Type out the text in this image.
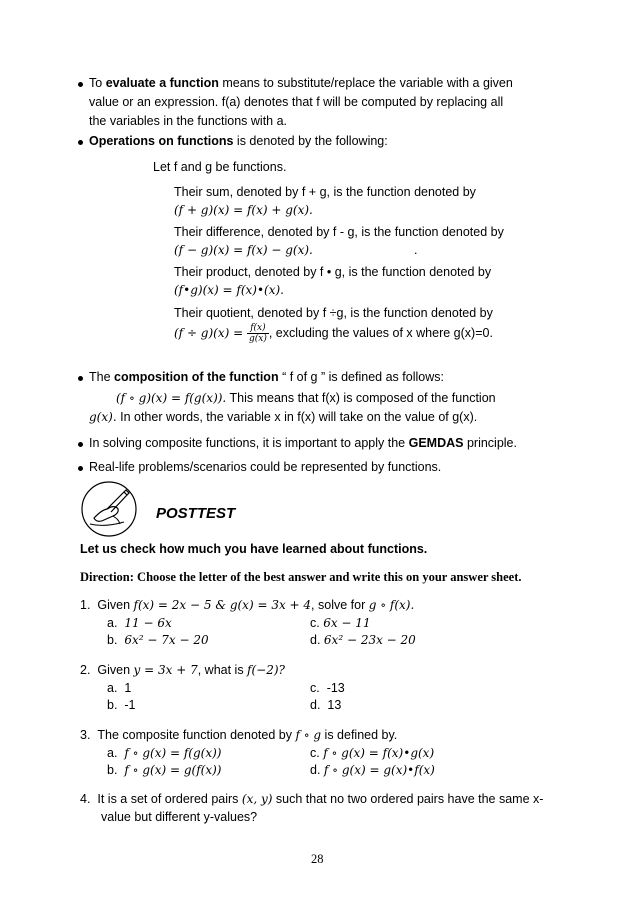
To evaluate a function means to substitute/replace the variable with a given
value or an expression. f(a) denotes that f will be computed by replacing all
the variables in the functions with a.
Operations on functions is denoted by the following:
Let f and g be functions.
Their sum, denoted by f + g, is the function denoted by
(f + g)(x) = f(x) + g(x).
Their difference, denoted by f - g, is the function denoted by
(f − g)(x) = f(x) − g(x).	.
Their product, denoted by f • g, is the function denoted by
(f•g)(x) = f(x)•(x).
Their quotient, denoted by f ÷g, is the function denoted by
$(f \div g)(x) = \frac{f(x)}{g(x)}$ , excluding the values of x where g(x)=0.
The composition of the function “ f of g ” is defined as follows:
(f ∘ g)(x) = f(g(x)). This means that f(x) is composed of the function
g(x). In other words, the variable x in f(x) will take on the value of g(x).
In solving composite functions, it is important to apply the GEMDAS principle.
Real-life problems/scenarios could be represented by functions.
POSTTEST
Let us check how much you have learned about functions.
Direction: Choose the letter of the best answer and write this on your answer sheet.
1. Given f(x) = 2x − 5 & g(x) = 3x + 4, solve for g ∘ f(x).
a. 11 − 6x	c. 6x − 11
b. 6x² − 7x − 20	d. 6x² − 23x − 20
2. Given y = 3x + 7, what is f(−2)?
a. 1	c. -13
b. -1	d. 13
3. The composite function denoted by f ∘ g is defined by.
a. f ∘ g(x) = f(g(x))	c. f ∘ g(x) = f(x)•g(x)
b. f ∘ g(x) = g(f(x))	d. f ∘ g(x) = g(x)•f(x)
4. It is a set of ordered pairs (x, y) such that no two ordered pairs have the same x-
value but different y-values?
28
